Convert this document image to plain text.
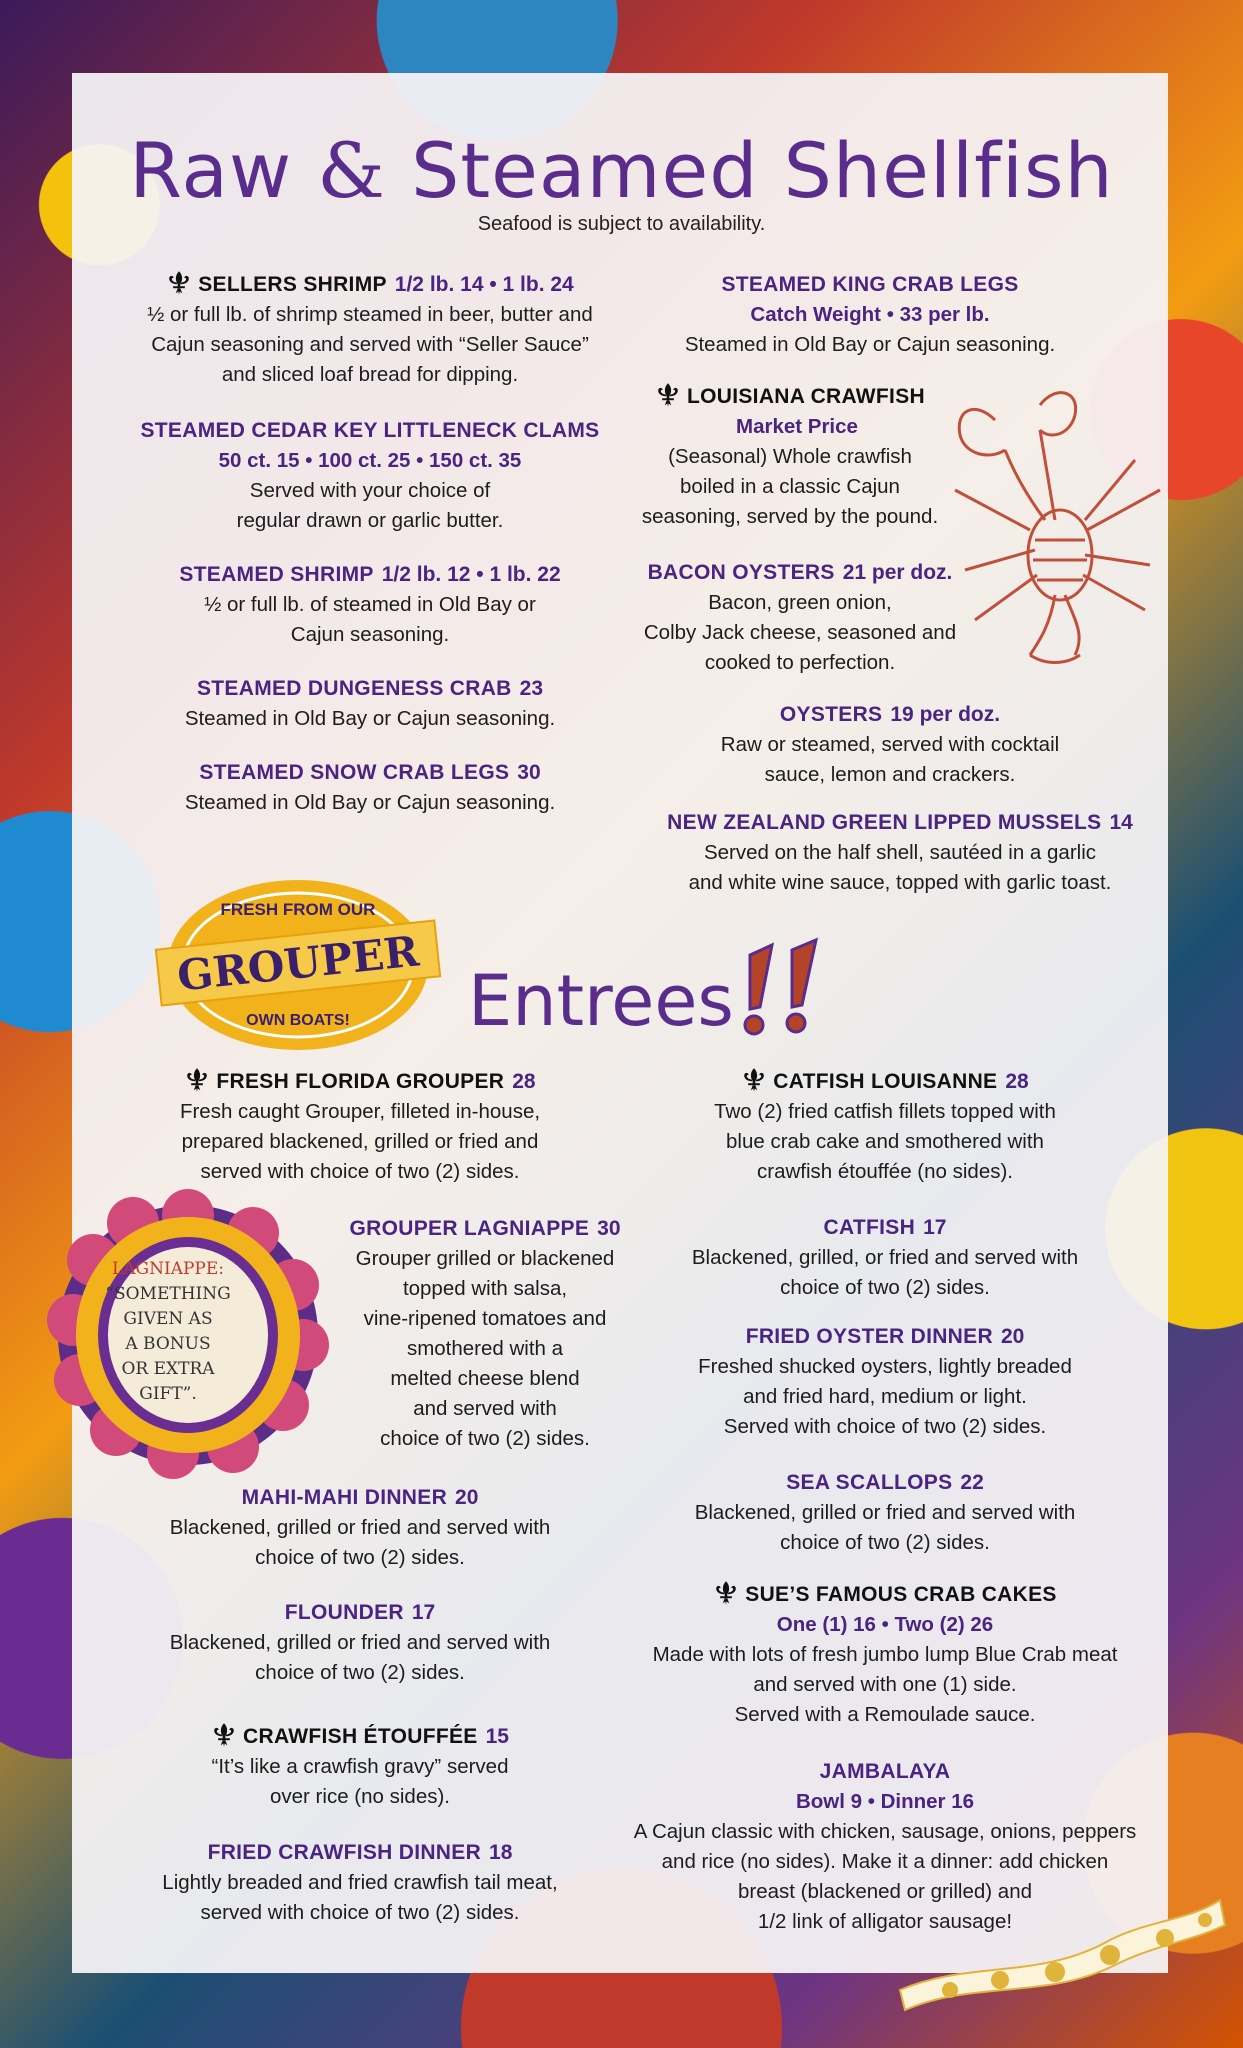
Raw & Steamed Shellfish
Seafood is subject to availability.
SELLERS SHRIMP 1/2 lb. 14 • 1 lb. 24
½ or full lb. of shrimp steamed in beer, butter and
Cajun seasoning and served with “Seller Sauce”
and sliced loaf bread for dipping.
STEAMED CEDAR KEY LITTLENECK CLAMS
50 ct. 15 • 100 ct. 25 • 150 ct. 35
Served with your choice of
regular drawn or garlic butter.
STEAMED SHRIMP 1/2 lb. 12 • 1 lb. 22
½ or full lb. of steamed in Old Bay or
Cajun seasoning.
STEAMED DUNGENESS CRAB 23
Steamed in Old Bay or Cajun seasoning.
STEAMED SNOW CRAB LEGS 30
Steamed in Old Bay or Cajun seasoning.
STEAMED KING CRAB LEGS
Catch Weight • 33 per lb.
Steamed in Old Bay or Cajun seasoning.
LOUISIANA CRAWFISH
Market Price
(Seasonal) Whole crawfish
boiled in a classic Cajun
seasoning, served by the pound.
BACON OYSTERS 21 per doz.
Bacon, green onion,
Colby Jack cheese, seasoned and
cooked to perfection.
OYSTERS 19 per doz.
Raw or steamed, served with cocktail
sauce, lemon and crackers.
NEW ZEALAND GREEN LIPPED MUSSELS 14
Served on the half shell, sautéed in a garlic
and white wine sauce, topped with garlic toast.
FRESH FROM OUR
GROUPER
OWN BOATS! Entrees
LAGNIAPPE:
“SOMETHING
GIVEN AS
A BONUS
OR EXTRA
GIFT”.
FRESH FLORIDA GROUPER 28
Fresh caught Grouper, filleted in-house,
prepared blackened, grilled or fried and
served with choice of two (2) sides.
GROUPER LAGNIAPPE 30
Grouper grilled or blackened
topped with salsa,
vine-ripened tomatoes and
smothered with a
melted cheese blend
and served with
choice of two (2) sides.
MAHI-MAHI DINNER 20
Blackened, grilled or fried and served with
choice of two (2) sides.
FLOUNDER 17
Blackened, grilled or fried and served with
choice of two (2) sides.
CRAWFISH ÉTOUFFÉE 15
“It’s like a crawfish gravy” served
over rice (no sides).
FRIED CRAWFISH DINNER 18
Lightly breaded and fried crawfish tail meat,
served with choice of two (2) sides.
CATFISH LOUISANNE 28
Two (2) fried catfish fillets topped with
blue crab cake and smothered with
crawfish étouffée (no sides).
CATFISH 17
Blackened, grilled, or fried and served with
choice of two (2) sides.
FRIED OYSTER DINNER 20
Freshed shucked oysters, lightly breaded
and fried hard, medium or light.
Served with choice of two (2) sides.
SEA SCALLOPS 22
Blackened, grilled or fried and served with
choice of two (2) sides.
SUE’S FAMOUS CRAB CAKES
One (1) 16 • Two (2) 26
Made with lots of fresh jumbo lump Blue Crab meat
and served with one (1) side.
Served with a Remoulade sauce.
JAMBALAYA
Bowl 9 • Dinner 16
A Cajun classic with chicken, sausage, onions, peppers
and rice (no sides). Make it a dinner: add chicken
breast (blackened or grilled) and
1/2 link of alligator sausage!
